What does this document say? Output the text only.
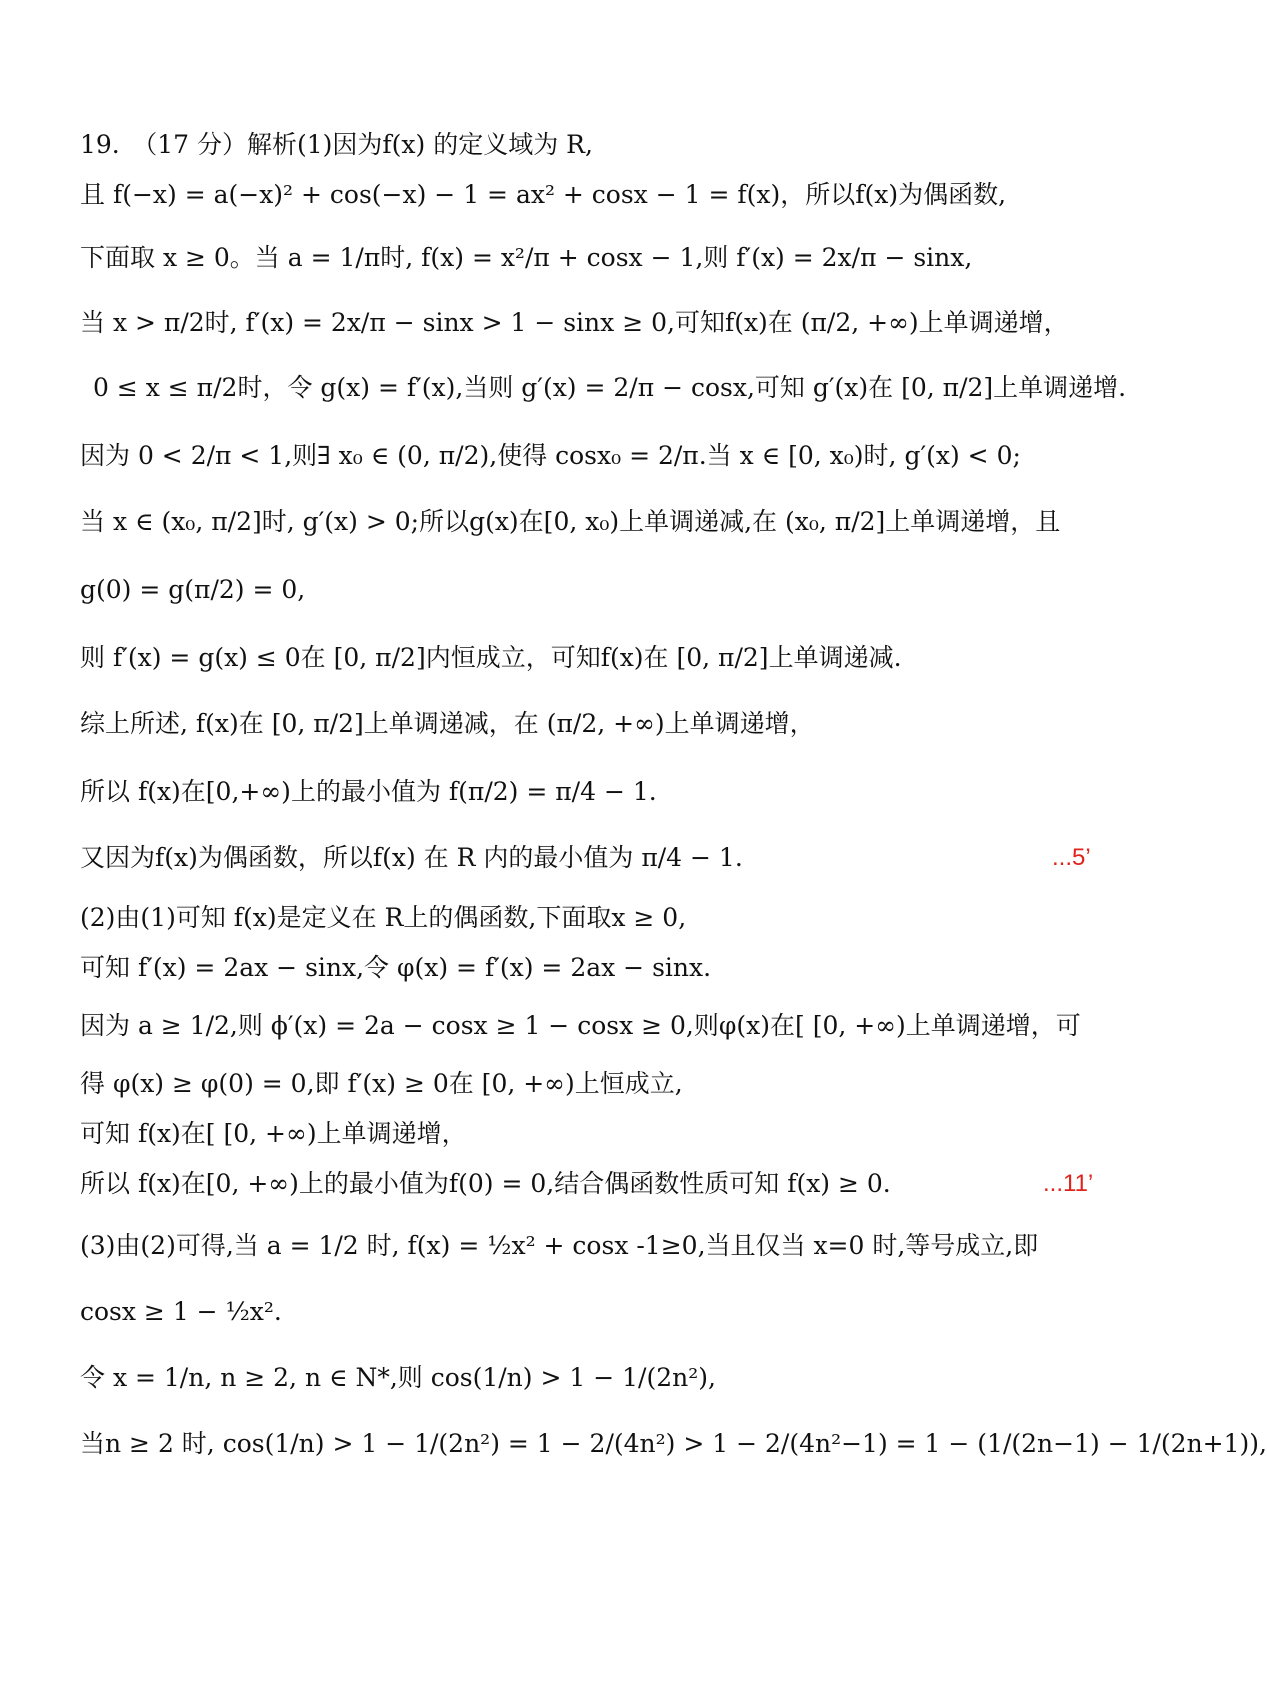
19.　（17 分）解析(1)因为f(x) 的定义域为 R,
且 f(−x) = a(−x)² + cos(−x) − 1 = ax² + cosx − 1 = f(x)，所以f(x)为偶函数,
下面取 x ≥ 0。当 a = 1/π时, f(x) = x²/π + cosx − 1,则 f′(x) = 2x/π − sinx,
当 x > π/2时, f′(x) = 2x/π − sinx > 1 − sinx ≥ 0,可知f(x)在 (π/2, +∞)上单调递增，
0 ≤ x ≤ π/2时，令 g(x) = f′(x),当则 g′(x) = 2/π − cosx,可知 g′(x)在 [0, π/2]上单调递增.
因为 0 < 2/π < 1,则∃ x₀ ∈ (0, π/2),使得 cosx₀ = 2/π.当 x ∈ [0, x₀)时, g′(x) < 0;
当 x ∈ (x₀, π/2]时, g′(x) > 0;所以g(x)在[0, x₀)上单调递减,在 (x₀, π/2]上单调递增，且
g(0) = g(π/2) = 0,
则 f′(x) = g(x) ≤ 0在 [0, π/2]内恒成立，可知f(x)在 [0, π/2]上单调递减.
综上所述, f(x)在 [0, π/2]上单调递减，在 (π/2, +∞)上单调递增，
所以 f(x)在[0,+∞)上的最小值为 f(π/2) = π/4 − 1.
又因为f(x)为偶函数，所以f(x) 在 R 内的最小值为 π/4 − 1.
(2)由(1)可知 f(x)是定义在 R上的偶函数,下面取x ≥ 0,
可知 f′(x) = 2ax − sinx,令 φ(x) = f′(x) = 2ax − sinx.
因为 a ≥ 1/2,则 ϕ′(x) = 2a − cosx ≥ 1 − cosx ≥ 0,则φ(x)在[ [0, +∞)上单调递增，可
得 φ(x) ≥ φ(0) = 0,即 f′(x) ≥ 0在 [0, +∞)上恒成立,
可知 f(x)在[ [0, +∞)上单调递增，
所以 f(x)在[0, +∞)上的最小值为f(0) = 0,结合偶函数性质可知 f(x) ≥ 0.
(3)由(2)可得,当 a = 1/2 时, f(x) = ½x² + cosx -1≥0,当且仅当 x=0 时,等号成立,即
cosx ≥ 1 − ½x².
令 x = 1/n, n ≥ 2, n ∈ N*,则 cos(1/n) > 1 − 1/(2n²),
当n ≥ 2 时, cos(1/n) > 1 − 1/(2n²) = 1 − 2/(4n²) > 1 − 2/(4n²−1) = 1 − (1/(2n−1) − 1/(2n+1)),
...5’
...11’
